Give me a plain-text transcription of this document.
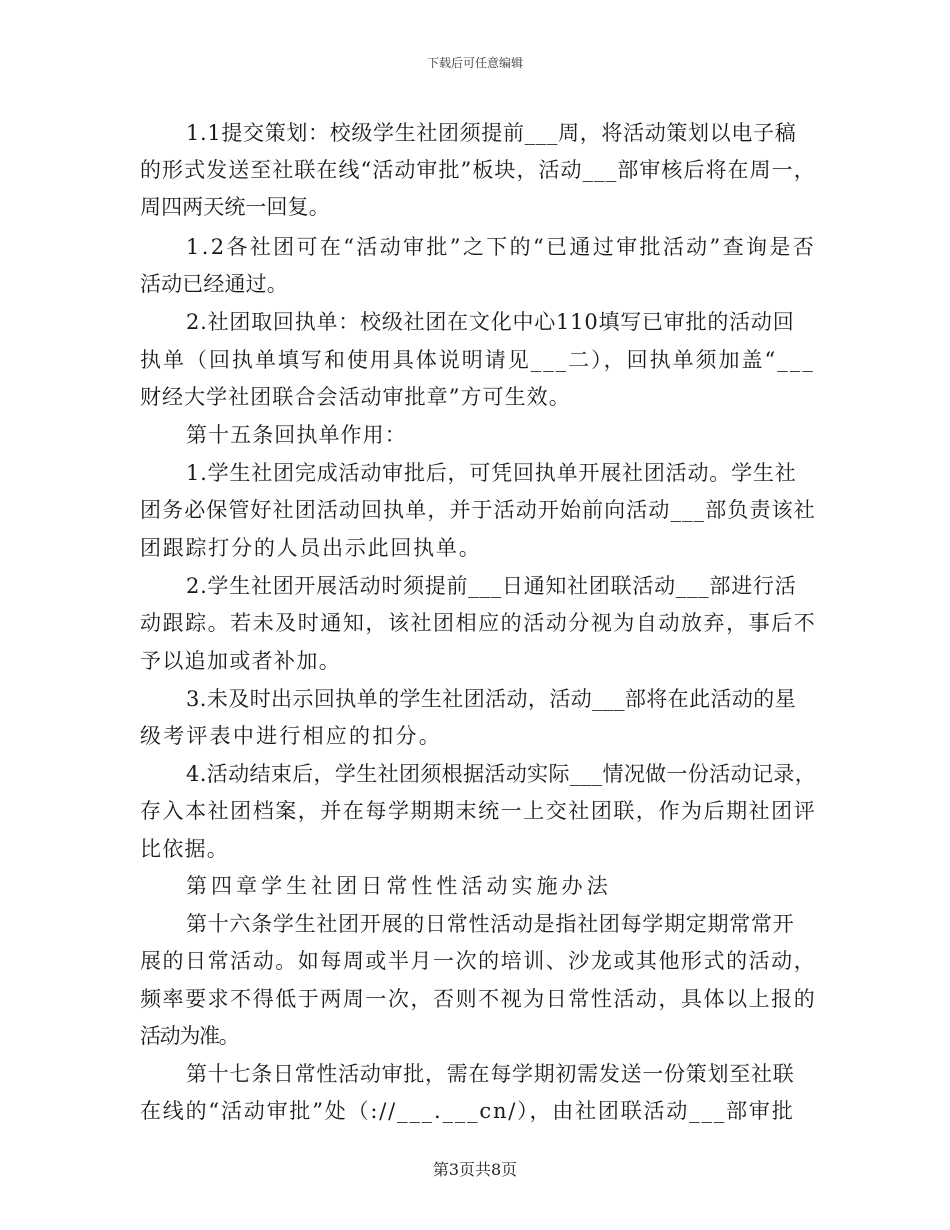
下载后可任意编辑
1.1提交策划：校级学生社团须提前___周，将活动策划以电子稿
的形式发送至社联在线“活动审批”板块，活动___部审核后将在周一，
周四两天统一回复。
1.2各社团可在“活动审批”之下的“已通过审批活动”查询是否
活动已经通过。
2.社团取回执单：校级社团在文化中心110填写已审批的活动回
执单（回执单填写和使用具体说明请见___二），回执单须加盖“___
财经大学社团联合会活动审批章”方可生效。
第十五条回执单作用：
1.学生社团完成活动审批后，可凭回执单开展社团活动。学生社
团务必保管好社团活动回执单，并于活动开始前向活动___部负责该社
团跟踪打分的人员出示此回执单。
2.学生社团开展活动时须提前___日通知社团联活动___部进行活
动跟踪。若未及时通知，该社团相应的活动分视为自动放弃，事后不
予以追加或者补加。
3.未及时出示回执单的学生社团活动，活动___部将在此活动的星
级考评表中进行相应的扣分。
4.活动结束后，学生社团须根据活动实际___情况做一份活动记录，
存入本社团档案，并在每学期期末统一上交社团联，作为后期社团评
比依据。
第四章学生社团日常性性活动实施办法
第十六条学生社团开展的日常性活动是指社团每学期定期常常开
展的日常活动。如每周或半月一次的培训、沙龙或其他形式的活动，
频率要求不得低于两周一次，否则不视为日常性活动，具体以上报的
活动为准。
第十七条日常性活动审批，需在每学期初需发送一份策划至社联
在线的“活动审批”处（://___.___cn/），由社团联活动___部审批
第3页共8页
